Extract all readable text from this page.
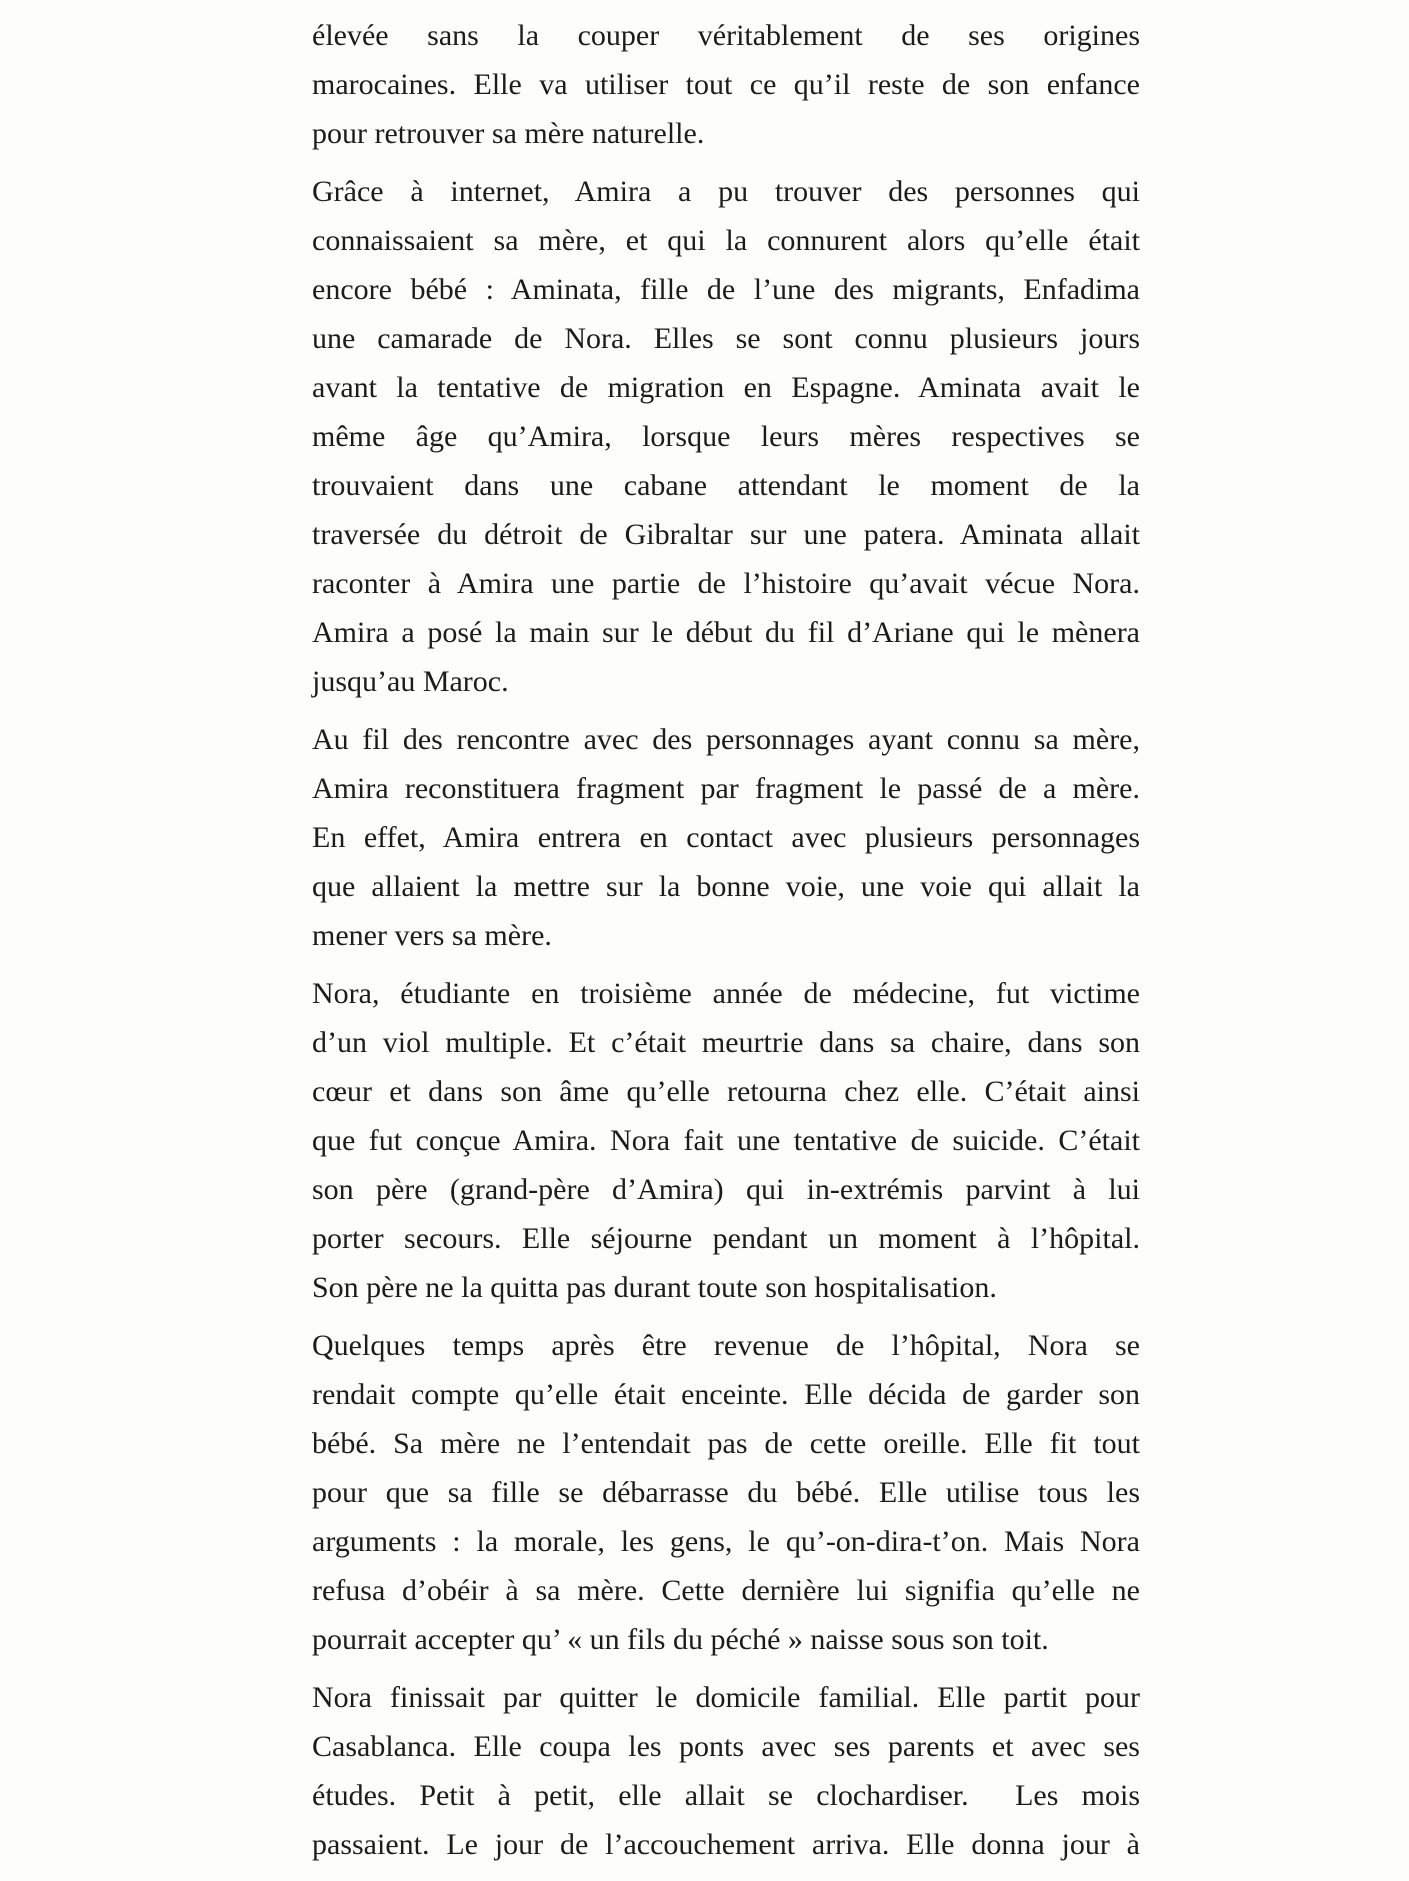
élevée sans la couper véritablement de ses origines
marocaines. Elle va utiliser tout ce qu’il reste de son enfance
pour retrouver sa mère naturelle.
Grâce à internet, Amira a pu trouver des personnes qui
connaissaient sa mère, et qui la connurent alors qu’elle était
encore bébé : Aminata, fille de l’une des migrants, Enfadima
une camarade de Nora. Elles se sont connu plusieurs jours
avant la tentative de migration en Espagne. Aminata avait le
même âge qu’Amira, lorsque leurs mères respectives se
trouvaient dans une cabane attendant le moment de la
traversée du détroit de Gibraltar sur une patera. Aminata allait
raconter à Amira une partie de l’histoire qu’avait vécue Nora.
Amira a posé la main sur le début du fil d’Ariane qui le mènera
jusqu’au Maroc.
Au fil des rencontre avec des personnages ayant connu sa mère,
Amira reconstituera fragment par fragment le passé de a mère.
En effet, Amira entrera en contact avec plusieurs personnages
que allaient la mettre sur la bonne voie, une voie qui allait la
mener vers sa mère.
Nora, étudiante en troisième année de médecine, fut victime
d’un viol multiple. Et c’était meurtrie dans sa chaire, dans son
cœur et dans son âme qu’elle retourna chez elle. C’était ainsi
que fut conçue Amira. Nora fait une tentative de suicide. C’était
son père (grand-père d’Amira) qui in-extrémis parvint à lui
porter secours. Elle séjourne pendant un moment à l’hôpital.
Son père ne la quitta pas durant toute son hospitalisation.
Quelques temps après être revenue de l’hôpital, Nora se
rendait compte qu’elle était enceinte. Elle décida de garder son
bébé. Sa mère ne l’entendait pas de cette oreille. Elle fit tout
pour que sa fille se débarrasse du bébé. Elle utilise tous les
arguments : la morale, les gens, le qu’-on-dira-t’on. Mais Nora
refusa d’obéir à sa mère. Cette dernière lui signifia qu’elle ne
pourrait accepter qu’ « un fils du péché » naisse sous son toit.
Nora finissait par quitter le domicile familial. Elle partit pour
Casablanca. Elle coupa les ponts avec ses parents et avec ses
études. Petit à petit, elle allait se clochardiser.  Les mois
passaient. Le jour de l’accouchement arriva. Elle donna jour à
